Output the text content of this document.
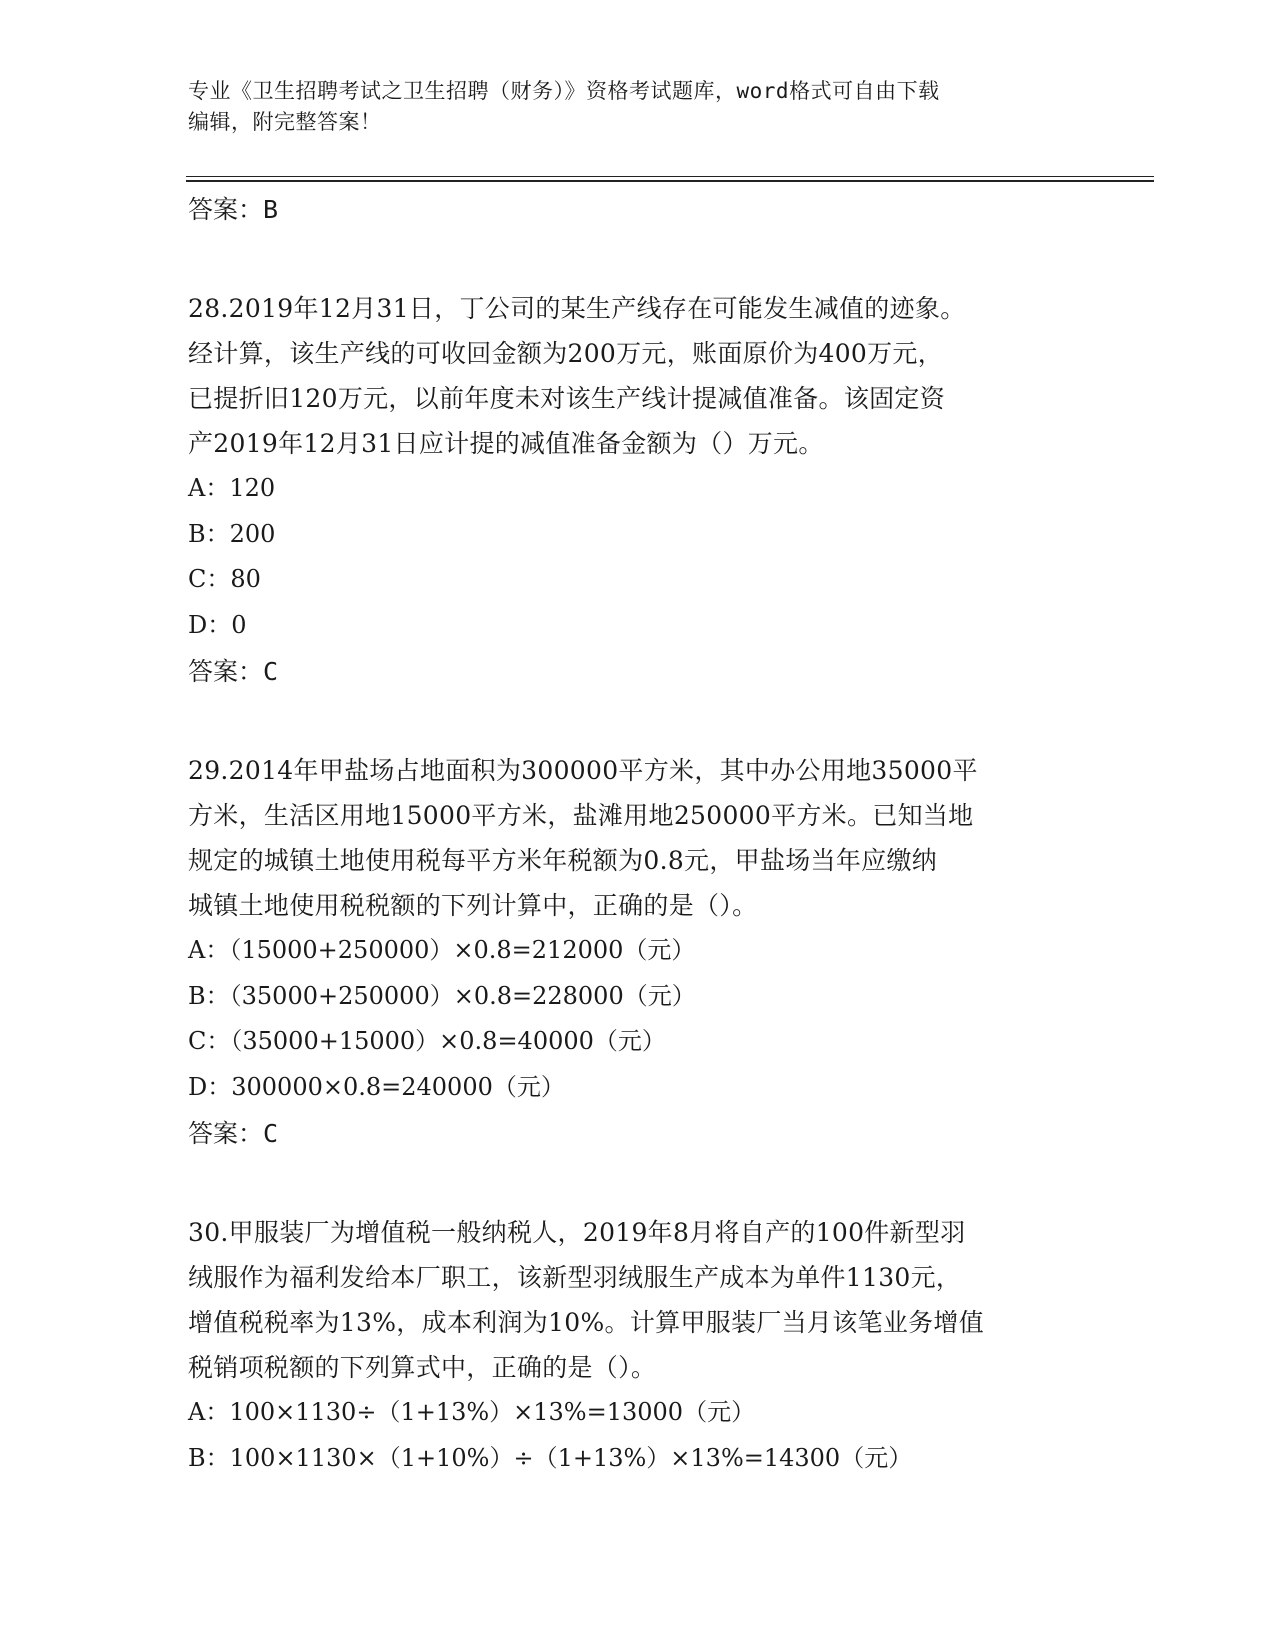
专业《卫生招聘考试之卫生招聘（财务）》资格考试题库，word格式可自由下载
编辑，附完整答案！
答案：B
28.2019年12月31日，丁公司的某生产线存在可能发生减值的迹象。
经计算，该生产线的可收回金额为200万元，账面原价为400万元，
已提折旧120万元，以前年度未对该生产线计提减值准备。该固定资
产2019年12月31日应计提的减值准备金额为（）万元。
A：120
B：200
C：80
D：0
答案：C
29.2014年甲盐场占地面积为300000平方米，其中办公用地35000平
方米，生活区用地15000平方米，盐滩用地250000平方米。已知当地
规定的城镇土地使用税每平方米年税额为0.8元，甲盐场当年应缴纳
城镇土地使用税税额的下列计算中，正确的是（）。
A：（15000+250000）×0.8=212000（元）
B：（35000+250000）×0.8=228000（元）
C：（35000+15000）×0.8=40000（元）
D：300000×0.8=240000（元）
答案：C
30.甲服装厂为增值税一般纳税人，2019年8月将自产的100件新型羽
绒服作为福利发给本厂职工，该新型羽绒服生产成本为单件1130元，
增值税税率为13%，成本利润为10%。计算甲服装厂当月该笔业务增值
税销项税额的下列算式中，正确的是（）。
A：100×1130÷（1+13%）×13%=13000（元）
B：100×1130×（1+10%）÷（1+13%）×13%=14300（元）
